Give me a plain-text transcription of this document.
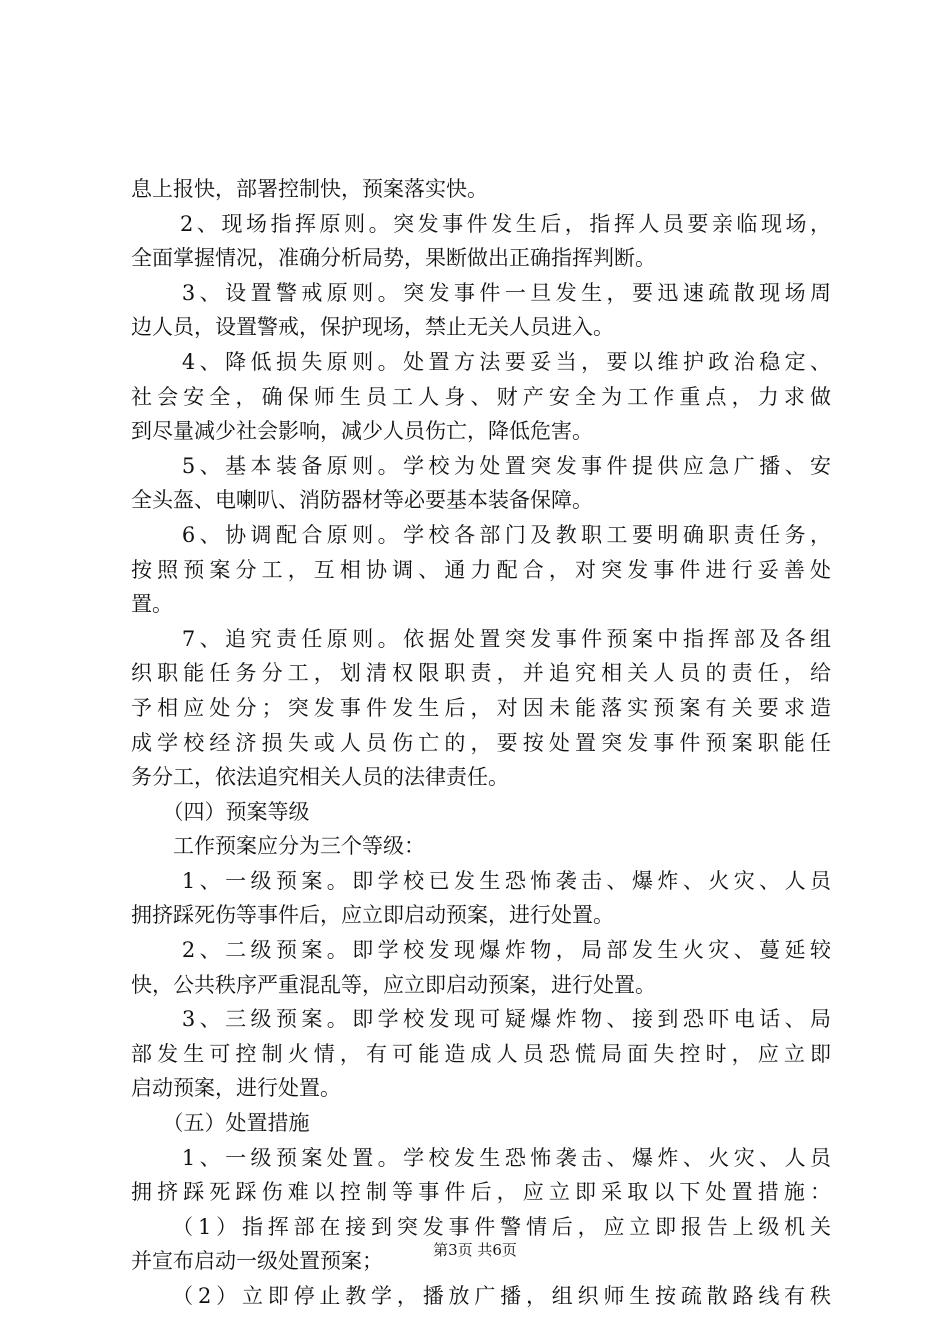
息上报快，部署控制快，预案落实快。
　　2、现场指挥原则。突发事件发生后，指挥人员要亲临现场，
全面掌握情况，准确分析局势，果断做出正确指挥判断。
　　3、设置警戒原则。突发事件一旦发生，要迅速疏散现场周
边人员，设置警戒，保护现场，禁止无关人员进入。
　　4、降低损失原则。处置方法要妥当，要以维护政治稳定、
社会安全，确保师生员工人身、财产安全为工作重点，力求做
到尽量减少社会影响，减少人员伤亡，降低危害。
　　5、基本装备原则。学校为处置突发事件提供应急广播、安
全头盔、电喇叭、消防器材等必要基本装备保障。
　　6、协调配合原则。学校各部门及教职工要明确职责任务，
按照预案分工，互相协调、通力配合，对突发事件进行妥善处
置。
　　7、追究责任原则。依据处置突发事件预案中指挥部及各组
织职能任务分工，划清权限职责，并追究相关人员的责任，给
予相应处分；突发事件发生后，对因未能落实预案有关要求造
成学校经济损失或人员伤亡的，要按处置突发事件预案职能任
务分工，依法追究相关人员的法律责任。
　　（四）预案等级
　　工作预案应分为三个等级：
　　1、一级预案。即学校已发生恐怖袭击、爆炸、火灾、人员
拥挤踩死伤等事件后，应立即启动预案，进行处置。
　　2、二级预案。即学校发现爆炸物，局部发生火灾、蔓延较
快，公共秩序严重混乱等，应立即启动预案，进行处置。
　　3、三级预案。即学校发现可疑爆炸物、接到恐吓电话、局
部发生可控制火情，有可能造成人员恐慌局面失控时，应立即
启动预案，进行处置。
　　（五）处置措施
　　1、一级预案处置。学校发生恐怖袭击、爆炸、火灾、人员
拥挤踩死踩伤难以控制等事件后，应立即采取以下处置措施：
　　（1）指挥部在接到突发事件警情后，应立即报告上级机关
并宣布启动一级处置预案；
　　（2）立即停止教学，播放广播，组织师生按疏散路线有秩
第3页 共6页
